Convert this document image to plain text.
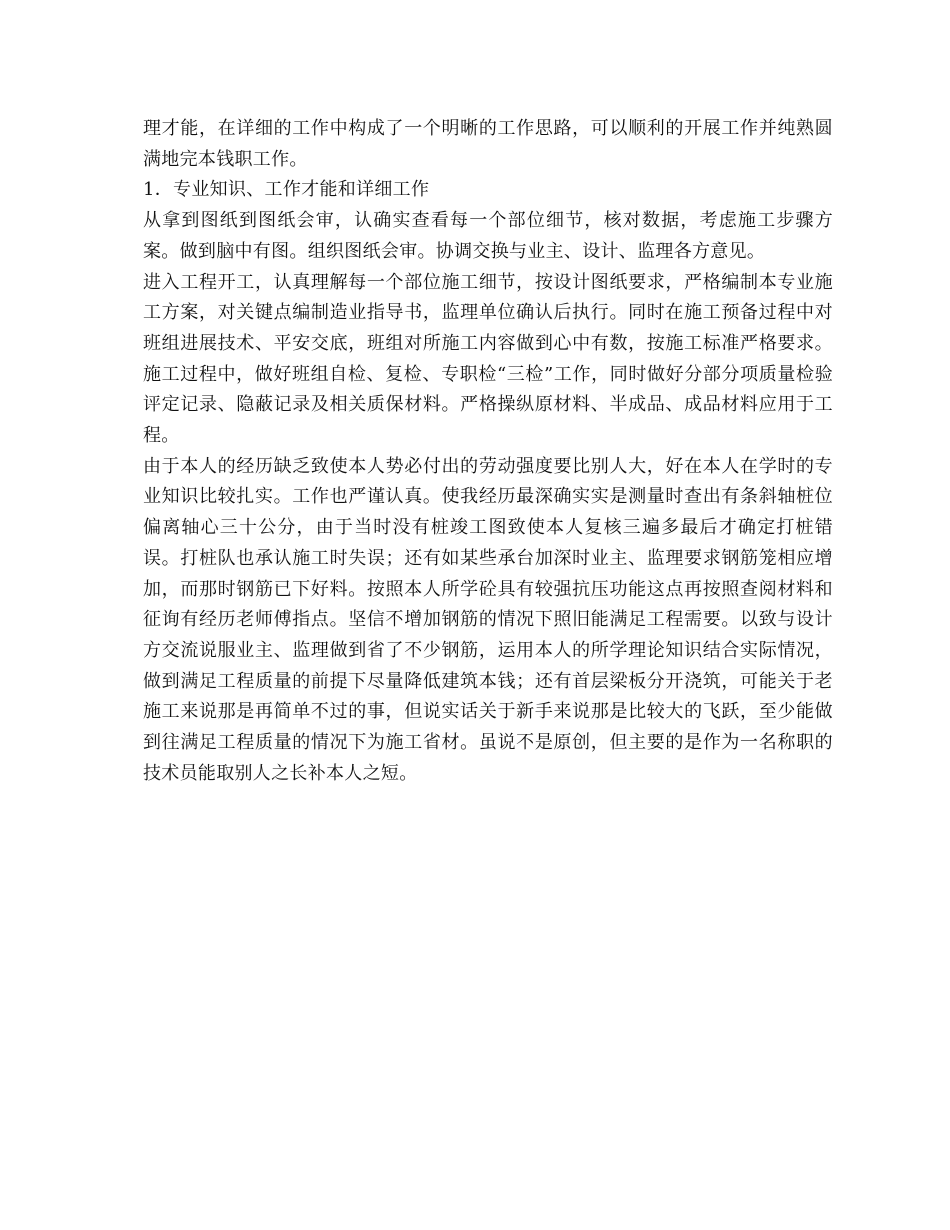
理才能，在详细的工作中构成了一个明晰的工作思路，可以顺利的开展工作并纯熟圆满地完本钱职工作。

1．专业知识、工作才能和详细工作

从拿到图纸到图纸会审，认确实查看每一个部位细节，核对数据，考虑施工步骤方案。做到脑中有图。组织图纸会审。协调交换与业主、设计、监理各方意见。

进入工程开工，认真理解每一个部位施工细节，按设计图纸要求，严格编制本专业施工方案，对关键点编制造业指导书，监理单位确认后执行。同时在施工预备过程中对班组进展技术、平安交底，班组对所施工内容做到心中有数，按施工标准严格要求。施工过程中，做好班组自检、复检、专职检“三检”工作，同时做好分部分项质量检验评定记录、隐蔽记录及相关质保材料。严格操纵原材料、半成品、成品材料应用于工程。

由于本人的经历缺乏致使本人势必付出的劳动强度要比别人大，好在本人在学时的专业知识比较扎实。工作也严谨认真。使我经历最深确实实是测量时查出有条斜轴桩位偏离轴心三十公分，由于当时没有桩竣工图致使本人复核三遍多最后才确定打桩错误。打桩队也承认施工时失误；还有如某些承台加深时业主、监理要求钢筋笼相应增加，而那时钢筋已下好料。按照本人所学砼具有较强抗压功能这点再按照查阅材料和征询有经历老师傅指点。坚信不增加钢筋的情况下照旧能满足工程需要。以致与设计方交流说服业主、监理做到省了不少钢筋，运用本人的所学理论知识结合实际情况，做到满足工程质量的前提下尽量降低建筑本钱；还有首层梁板分开浇筑，可能关于老施工来说那是再简单不过的事，但说实话关于新手来说那是比较大的飞跃，至少能做到往满足工程质量的情况下为施工省材。虽说不是原创，但主要的是作为一名称职的技术员能取别人之长补本人之短。
